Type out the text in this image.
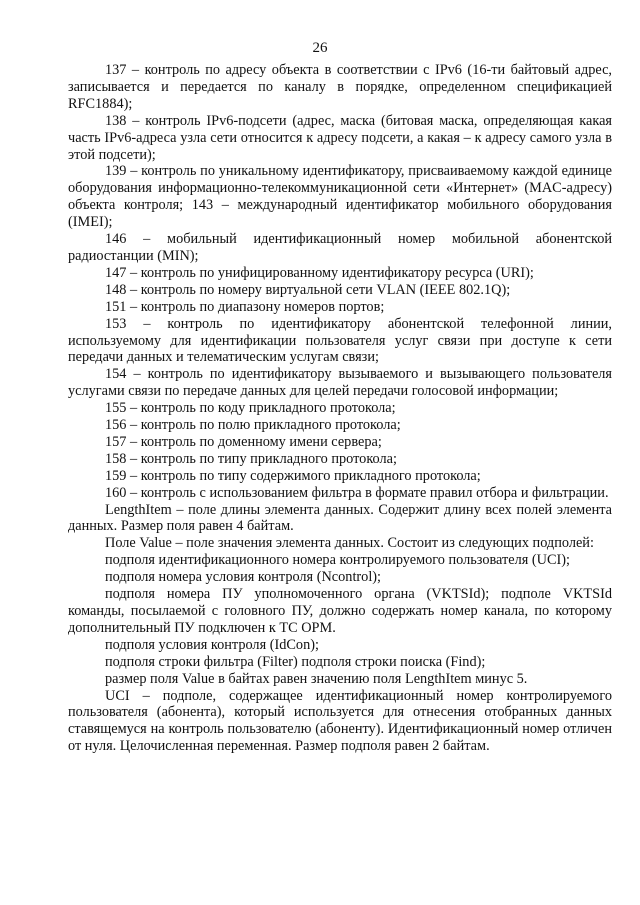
26

137 – контроль по адресу объекта в соответствии с IPv6 (16-ти байтовый адрес, записывается и передается по каналу в порядке, определенном спецификацией RFC1884);

138 – контроль IPv6-подсети (адрес, маска (битовая маска, определяющая какая часть IPv6-адреса узла сети относится к адресу подсети, а какая – к адресу самого узла в этой подсети);

139 – контроль по уникальному идентификатору, присваиваемому каждой единице оборудования информационно-телекоммуникационной сети «Интернет» (MAC-адресу) объекта контроля; 143 – международный идентификатор мобильного оборудования (IMEI);

146 – мобильный идентификационный номер мобильной абонентской радиостанции (MIN);

147 – контроль по унифицированному идентификатору ресурса (URI);

148 – контроль по номеру виртуальной сети VLAN (IEEE 802.1Q);

151 – контроль по диапазону номеров портов;

153 – контроль по идентификатору абонентской телефонной линии, используемому для идентификации пользователя услуг связи при доступе к сети передачи данных и телематическим услугам связи;

154 – контроль по идентификатору вызываемого и вызывающего пользователя услугами связи по передаче данных для целей передачи голосовой информации;

155 – контроль по коду прикладного протокола;

156 – контроль по полю прикладного протокола;

157 – контроль по доменному имени сервера;

158 – контроль по типу прикладного протокола;

159 – контроль по типу содержимого прикладного протокола;

160 – контроль с использованием фильтра в формате правил отбора и фильтрации.

LengthItem – поле длины элемента данных. Содержит длину всех полей элемента данных. Размер поля равен 4 байтам.

Поле Value – поле значения элемента данных. Состоит из следующих подполей:

подполя идентификационного номера контролируемого пользователя (UCI);

подполя номера условия контроля (Ncontrol);

подполя номера ПУ уполномоченного органа (VKTSId); подполе VKTSId команды, посылаемой с головного ПУ, должно содержать номер канала, по которому дополнительный ПУ подключен к ТС ОРМ.

подполя условия контроля (IdCon);

подполя строки фильтра (Filter) подполя строки поиска (Find);

размер поля Value в байтах равен значению поля LengthItem минус 5.

UCI – подполе, содержащее идентификационный номер контролируемого пользователя (абонента), который используется для отнесения отобранных данных ставящемуся на контроль пользователю (абоненту). Идентификационный номер отличен от нуля. Целочисленная переменная. Размер подполя равен 2 байтам.
